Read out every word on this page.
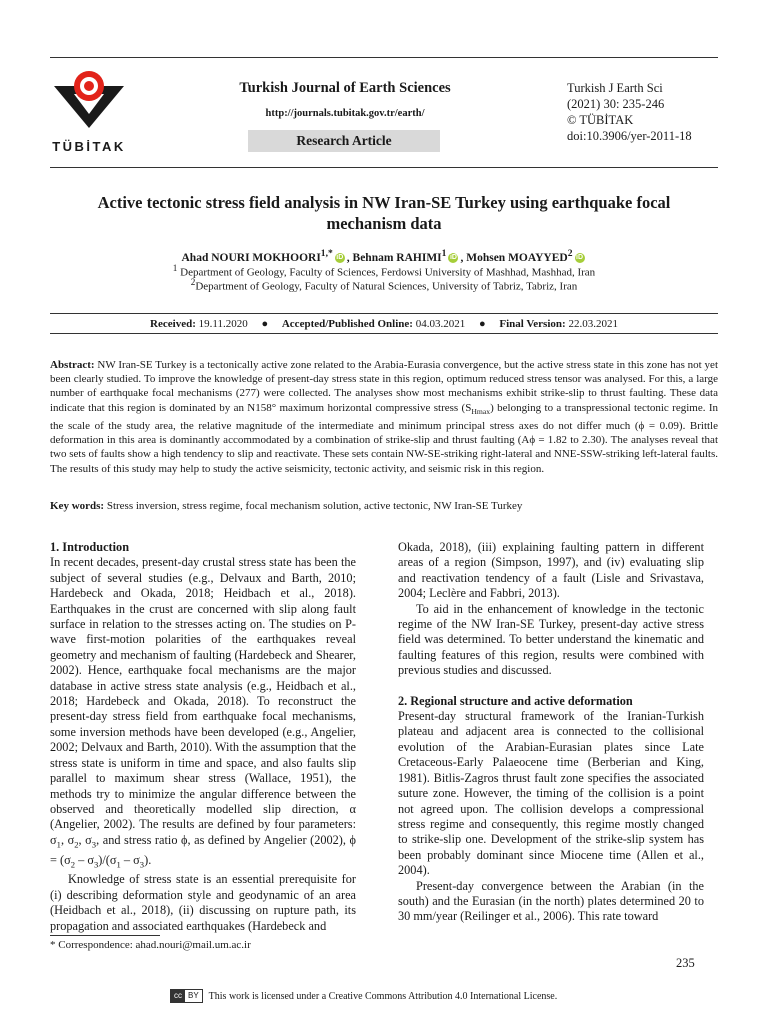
TÜBİTAK
Turkish Journal of Earth Sciences
http://journals.tubitak.gov.tr/earth/
Research Article
Turkish J Earth Sci
(2021) 30: 235-246
© TÜBİTAK
doi:10.3906/yer-2011-18
Active tectonic stress field analysis in NW Iran-SE Turkey using earthquake focal mechanism data
Ahad NOURI $MOKHOORI^{1,*}$ iD , Behnam RAHIMI$^1$ iD , Mohsen MOAYYED$^2$ iD
$^1$ Department of Geology, Faculty of Sciences, Ferdowsi University of Mashhad, Mashhad, Iran
$^2$Department of Geology, Faculty of Natural Sciences, University of Tabriz, Tabriz, Iran
Received: 19.11.2020 ● Accepted/Published Online: 04.03.2021 ● Final Version: 22.03.2021
Abstract: NW Iran-SE Turkey is a tectonically active zone related to the Arabia-Eurasia convergence, but the active stress state in this zone has not yet been clearly studied. To improve the knowledge of present-day stress state in this region, optimum reduced stress tensor was analysed. For this, a large number of earthquake focal mechanisms (277) were collected. The analyses show most mechanisms exhibit strike-slip to thrust faulting. These data indicate that this region is dominated by an N158° maximum horizontal compressive stress $(S_{Hmax})$ belonging to a transpressional tectonic regime. In the scale of the study area, the relative magnitude of the intermediate and minimum principal stress axes do not differ much (ϕ = 0.09). Brittle deformation in this area is dominantly accommodated by a combination of strike-slip and thrust faulting (Aϕ = 1.82 to 2.30). The analyses reveal that two sets of faults show a high tendency to slip and reactivate. These sets contain NW-SE-striking right-lateral and NNE-SSW-striking left-lateral faults. The results of this study may help to study the active seismicity, tectonic activity, and seismic risk in this region.
Key words: Stress inversion, stress regime, focal mechanism solution, active tectonic, NW Iran-SE Turkey
1. Introduction

In recent decades, present-day crustal stress state has been the subject of several studies (e.g., Delvaux and Barth, 2010; Hardebeck and Okada, 2018; Heidbach et al., 2018). Earthquakes in the crust are concerned with slip along fault surface in relation to the stresses acting on. The studies on P-wave first-motion polarities of the earthquakes reveal geometry and mechanism of faulting (Hardebeck and Shearer, 2002). Hence, earthquake focal mechanisms are the major database in active stress state analysis (e.g., Heidbach et al., 2018; Hardebeck and Okada, 2018). To reconstruct the present-day stress field from earthquake focal mechanisms, some inversion methods have been developed (e.g., Angelier, 2002; Delvaux and Barth, 2010). With the assumption that the stress state is uniform in time and space, and also faults slip parallel to maximum shear stress (Wallace, 1951), the methods try to minimize the angular difference between the observed and theoretically modelled slip direction, α (Angelier, 2002). The results are defined by four parameters: $\sigma_1$, $\sigma_2$, $\sigma_3$, and stress ratio ϕ, as defined by Angelier (2002), $\phi = (\sigma_2 - \sigma_3)/(\sigma_1 - \sigma_3)$.

Knowledge of stress state is an essential prerequisite for (i) describing deformation style and geodynamic of an area (Heidbach et al., 2018), (ii) discussing on rupture path, its propagation and associated earthquakes (Hardebeck and

Okada, 2018), (iii) explaining faulting pattern in different areas of a region (Simpson, 1997), and (iv) evaluating slip and reactivation tendency of a fault (Lisle and Srivastava, 2004; Leclère and Fabbri, 2013).

To aid in the enhancement of knowledge in the tectonic regime of the NW Iran-SE Turkey, present-day active stress field was determined. To better understand the kinematic and faulting features of this region, results were combined with previous studies and discussed.

2. Regional structure and active deformation

Present-day structural framework of the Iranian-Turkish plateau and adjacent area is connected to the collisional evolution of the Arabian-Eurasian plates since Late Cretaceous-Early Palaeocene time (Berberian and King, 1981). Bitlis-Zagros thrust fault zone specifies the associated suture zone. However, the timing of the collision is a point not agreed upon. The collision develops a compressional stress regime and consequently, this regime mostly changed to strike-slip one. Development of the strike-slip system has been probably dominant since Miocene time (Allen et al., 2004).

Present-day convergence between the Arabian (in the south) and the Eurasian (in the north) plates determined 20 to 30 mm/year (Reilinger et al., 2006). This rate toward

* Correspondence: ahad.nouri@mail.um.ac.ir
235
cc BY	This work is licensed under a Creative Commons Attribution 4.0 International License.
